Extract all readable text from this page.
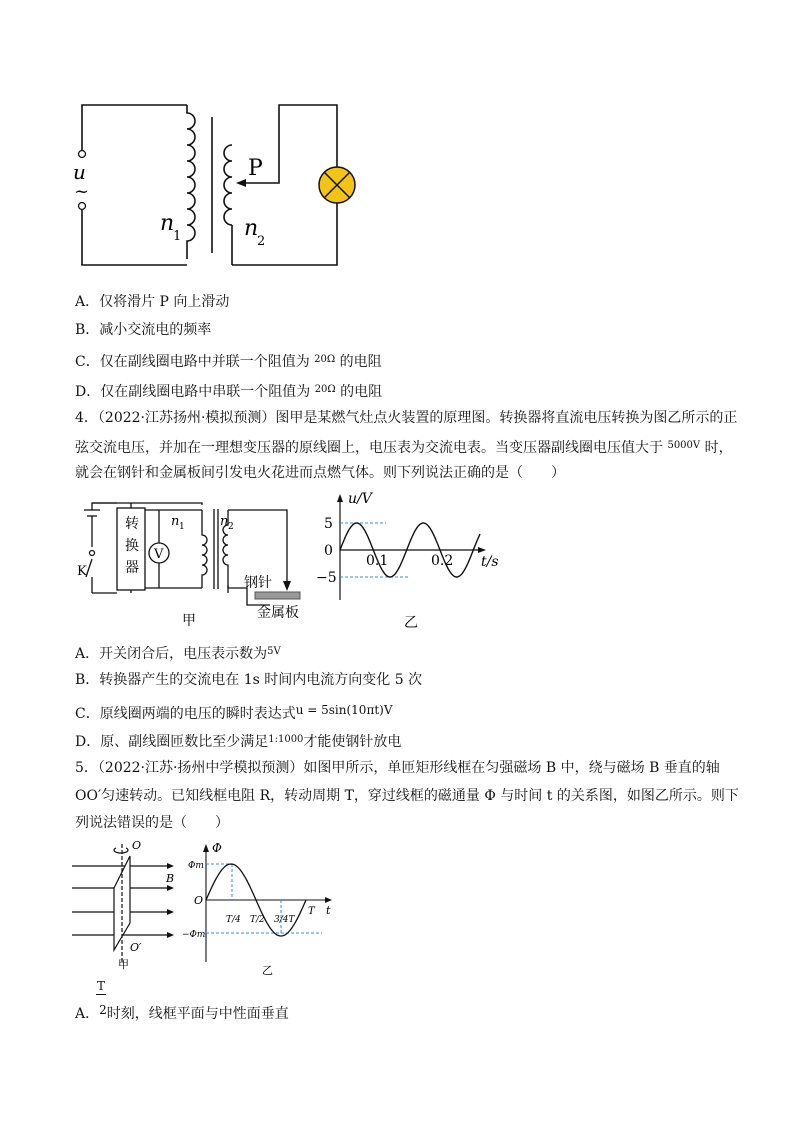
u
~
P
n
1	n
2
A．仅将滑片 P 向上滑动
B．减小交流电的频率
C．仅在副线圈电路中并联一个阻值为 $^{20\Omega}$ 的电阻
D．仅在副线圈电路中串联一个阻值为 $^{20\Omega}$ 的电阻
4．（2022·江苏扬州·模拟预测）图甲是某燃气灶点火装置的原理图。转换器将直流电压转换为图乙所示的正
弦交流电压，并加在一理想变压器的原线圈上，电压表为交流电表。当变压器副线圈电压值大于 $^{5000V}$ 时，
就会在钢针和金属板间引发电火花进而点燃气体。则下列说法正确的是（　　）
转
换
器
V
n 1	n 2
K
钢针
金属板
甲
u/V
t/s
5
0
−5
0.1	0.2
乙
A．开关闭合后，电压表示数为$^{5V}$
B．转换器产生的交流电在 1s 时间内电流方向变化 5 次
C．原线圈两端的电压的瞬时表达式u = 5sin(10πt)V
D．原、副线圈匝数比至少满足$^{1:1000}$才能使钢针放电
5．（2022·江苏·扬州中学模拟预测）如图甲所示，单匝矩形线框在匀强磁场 B 中，绕与磁场 B 垂直的轴
OO′匀速转动。已知线框电阻 R，转动周期 T，穿过线框的磁通量 Φ 与时间 t 的关系图，如图乙所示。则下
列说法错误的是（　　）
O
O′
B
甲
Φ
Φm
−Φm
O
t
T/4 T/2 3/4T
T
乙
T
A．2时刻，线框平面与中性面垂直
